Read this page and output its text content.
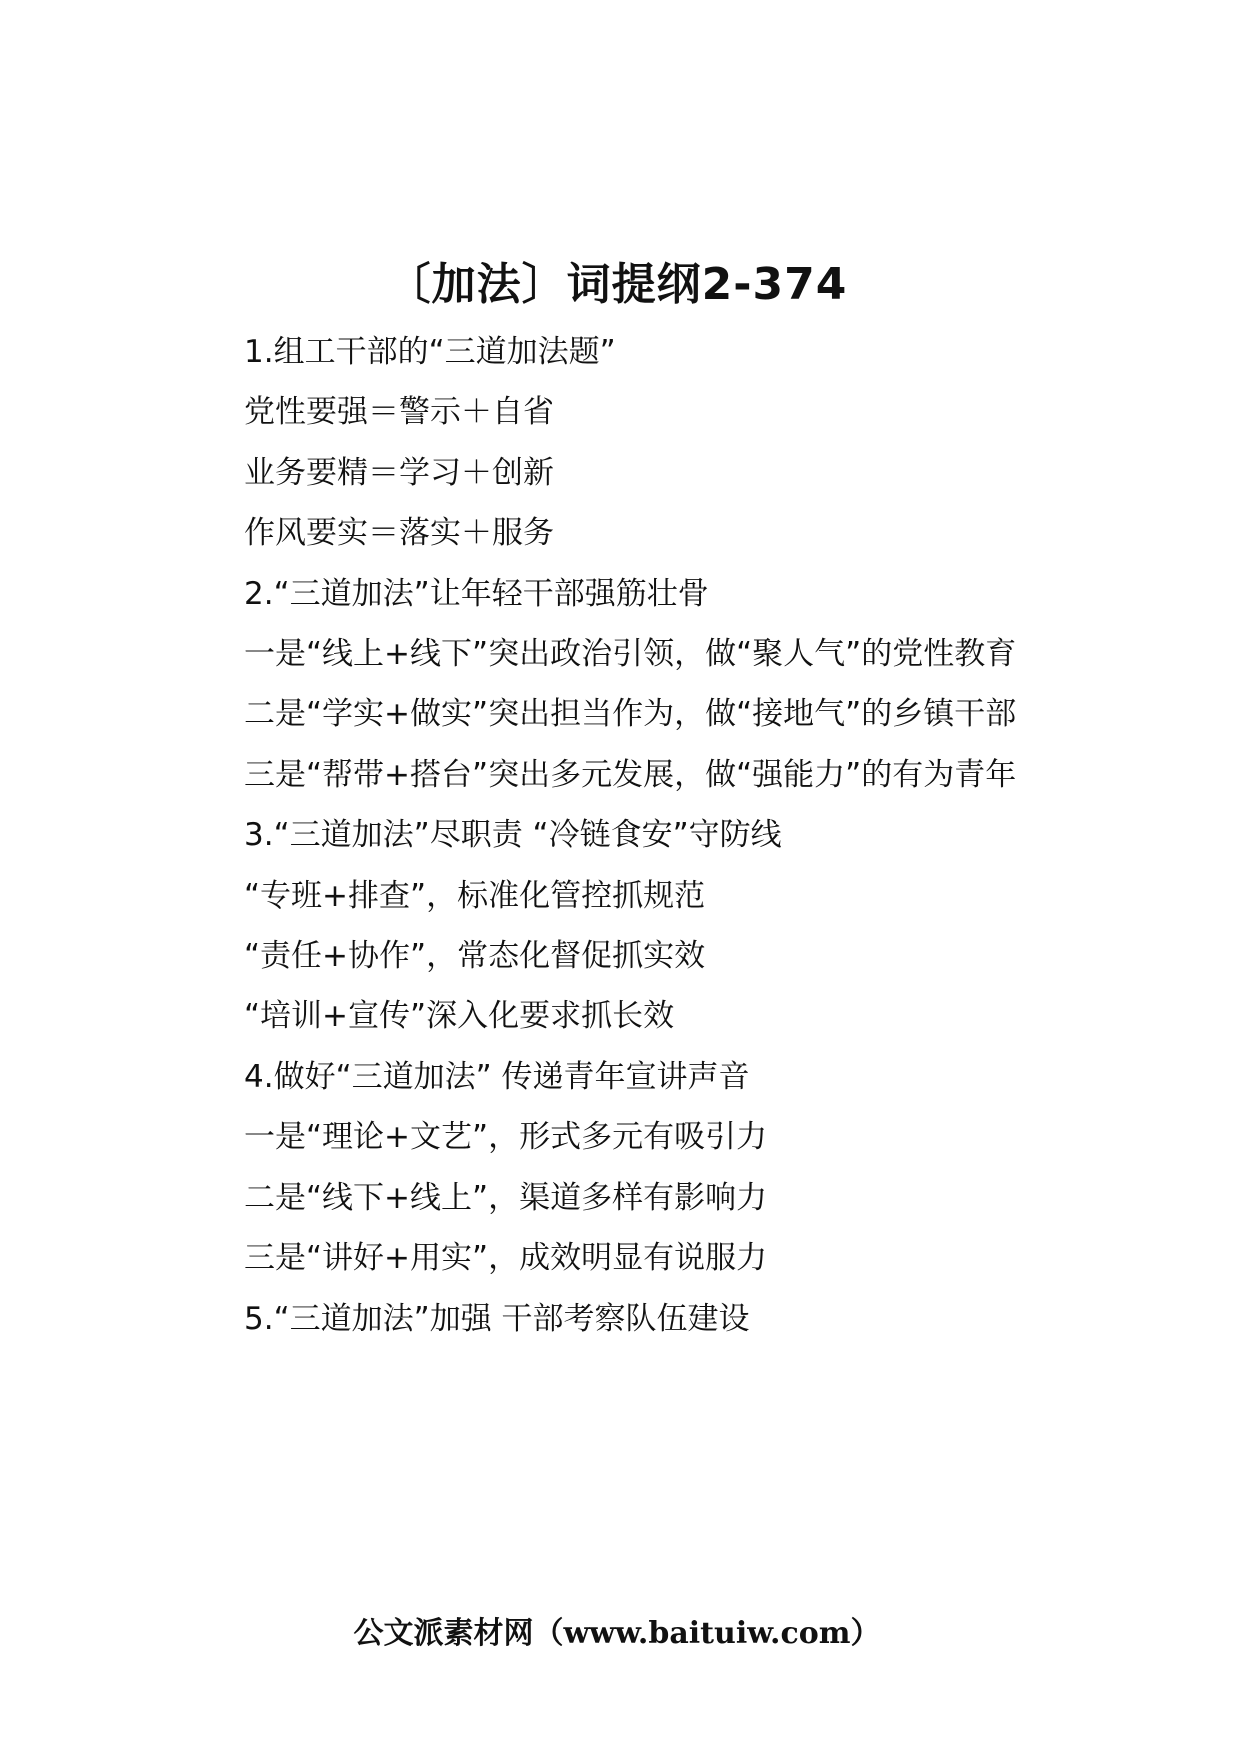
〔加法〕词提纲2-374

1.组工干部的“三道加法题”

党性要强＝警示＋自省

业务要精＝学习＋创新

作风要实＝落实＋服务

2.“三道加法”让年轻干部强筋壮骨

一是“线上+线下”突出政治引领，做“聚人气”的党性教育

二是“学实+做实”突出担当作为，做“接地气”的乡镇干部

三是“帮带+搭台”突出多元发展，做“强能力”的有为青年

3.“三道加法”尽职责 “冷链食安”守防线

“专班+排查”，标准化管控抓规范

“责任+协作”，常态化督促抓实效

“培训+宣传”深入化要求抓长效

4.做好“三道加法” 传递青年宣讲声音

一是“理论+文艺”，形式多元有吸引力

二是“线下+线上”，渠道多样有影响力

三是“讲好+用实”，成效明显有说服力

5.“三道加法”加强 干部考察队伍建设

公文派素材网（www.baituiw.com）
